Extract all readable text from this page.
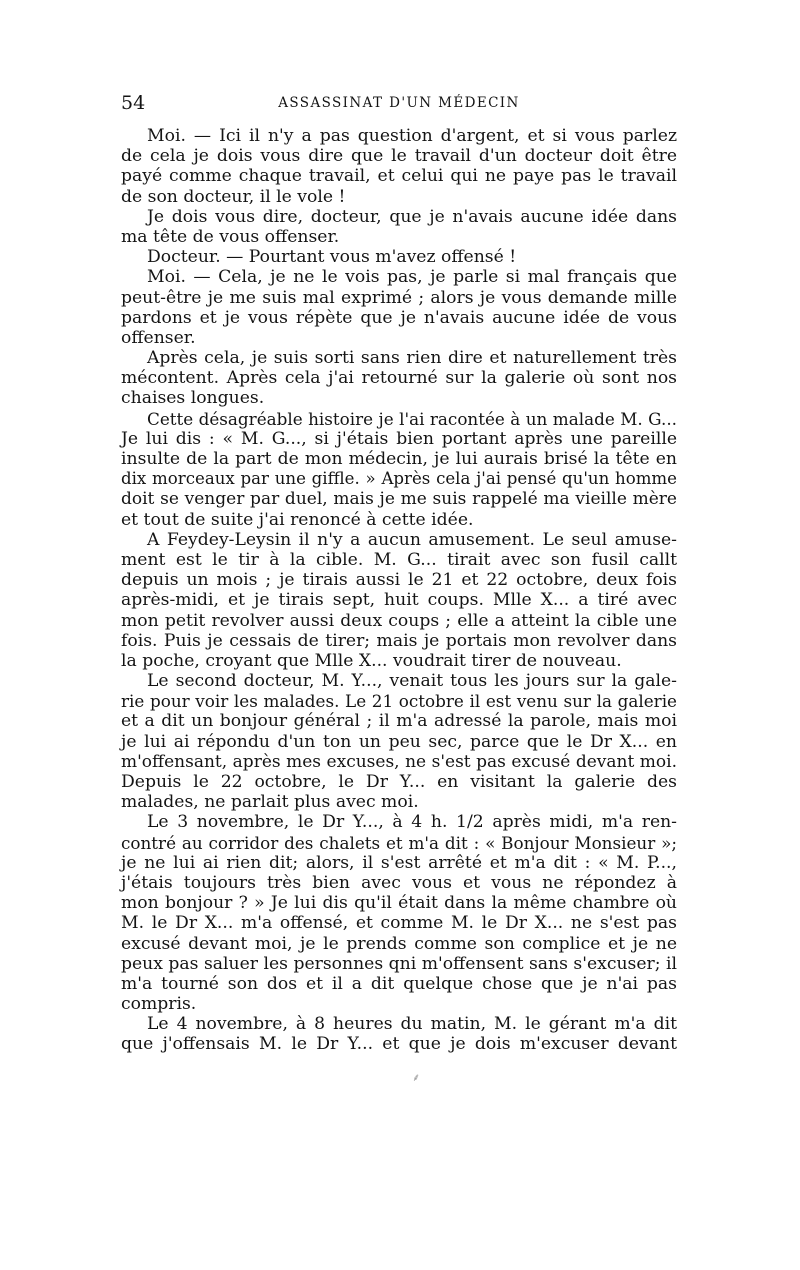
54	ASSASSINAT D'UN MÉDECIN
Moi. — Ici il n'y a pas question d'argent, et si vous parlez
de cela je dois vous dire que le travail d'un docteur doit être
payé comme chaque travail, et celui qui ne paye pas le travail
de son docteur, il le vole !
Je dois vous dire, docteur, que je n'avais aucune idée dans
ma tête de vous offenser.
Docteur. — Pourtant vous m'avez offensé !
Moi. — Cela, je ne le vois pas, je parle si mal français que
peut-être je me suis mal exprimé ; alors je vous demande mille
pardons et je vous répète que je n'avais aucune idée de vous
offenser.
Après cela, je suis sorti sans rien dire et naturellement très
mécontent. Après cela j'ai retourné sur la galerie où sont nos
chaises longues.
Cette désagréable histoire je l'ai racontée à un malade M. G...
Je lui dis : « M. G..., si j'étais bien portant après une pareille
insulte de la part de mon médecin, je lui aurais brisé la tête en
dix morceaux par une giffle. » Après cela j'ai pensé qu'un homme
doit se venger par duel, mais je me suis rappelé ma vieille mère
et tout de suite j'ai renoncé à cette idée.
A Feydey-Leysin il n'y a aucun amusement. Le seul amuse-
ment est le tir à la cible. M. G... tirait avec son fusil callt
depuis un mois ; je tirais aussi le 21 et 22 octobre, deux fois
après-midi, et je tirais sept, huit coups. Mlle X... a tiré avec
mon petit revolver aussi deux coups ; elle a atteint la cible une
fois. Puis je cessais de tirer; mais je portais mon revolver dans
la poche, croyant que Mlle X... voudrait tirer de nouveau.
Le second docteur, M. Y..., venait tous les jours sur la gale-
rie pour voir les malades. Le 21 octobre il est venu sur la galerie
et a dit un bonjour général ; il m'a adressé la parole, mais moi
je lui ai répondu d'un ton un peu sec, parce que le Dr X... en
m'offensant, après mes excuses, ne s'est pas excusé devant moi.
Depuis le 22 octobre, le Dr Y... en visitant la galerie des
malades, ne parlait plus avec moi.
Le 3 novembre, le Dr Y..., à 4 h. 1/2 après midi, m'a ren-
contré au corridor des chalets et m'a dit : « Bonjour Monsieur »;
je ne lui ai rien dit; alors, il s'est arrêté et m'a dit : « M. P...,
j'étais toujours très bien avec vous et vous ne répondez à
mon bonjour ? » Je lui dis qu'il était dans la même chambre où
M. le Dr X... m'a offensé, et comme M. le Dr X... ne s'est pas
excusé devant moi, je le prends comme son complice et je ne
peux pas saluer les personnes qni m'offensent sans s'excuser; il
m'a tourné son dos et il a dit quelque chose que je n'ai pas
compris.
Le 4 novembre, à 8 heures du matin, M. le gérant m'a dit
que j'offensais M. le Dr Y... et que je dois m'excuser devant
⸙
